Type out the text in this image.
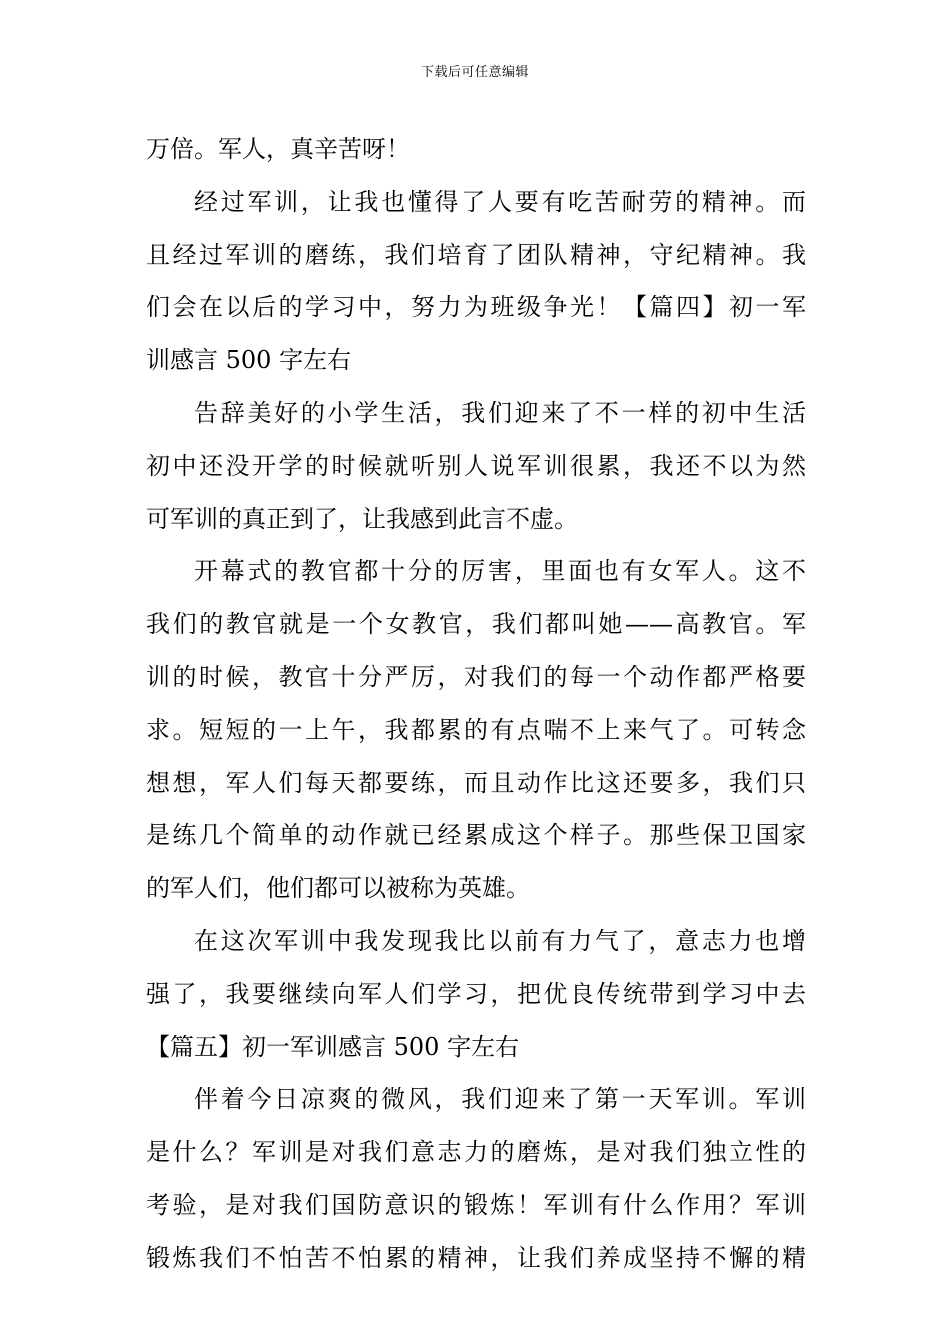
下载后可任意编辑
万倍。军人，真辛苦呀！
经过军训，让我也懂得了人要有吃苦耐劳的精神。而
且经过军训的磨练，我们培育了团队精神，守纪精神。我
们会在以后的学习中，努力为班级争光！【篇四】初一军
训感言 500 字左右
告辞美好的小学生活，我们迎来了不一样的初中生活
初中还没开学的时候就听别人说军训很累，我还不以为然
可军训的真正到了，让我感到此言不虚。
开幕式的教官都十分的厉害，里面也有女军人。这不
我们的教官就是一个女教官，我们都叫她——高教官。军
训的时候，教官十分严厉，对我们的每一个动作都严格要
求。短短的一上午，我都累的有点喘不上来气了。可转念
想想，军人们每天都要练，而且动作比这还要多，我们只
是练几个简单的动作就已经累成这个样子。那些保卫国家
的军人们，他们都可以被称为英雄。
在这次军训中我发现我比以前有力气了，意志力也增
强了，我要继续向军人们学习，把优良传统带到学习中去
【篇五】初一军训感言 500 字左右
伴着今日凉爽的微风，我们迎来了第一天军训。军训
是什么？军训是对我们意志力的磨炼，是对我们独立性的
考验，是对我们国防意识的锻炼！军训有什么作用？军训
锻炼我们不怕苦不怕累的精神，让我们养成坚持不懈的精
